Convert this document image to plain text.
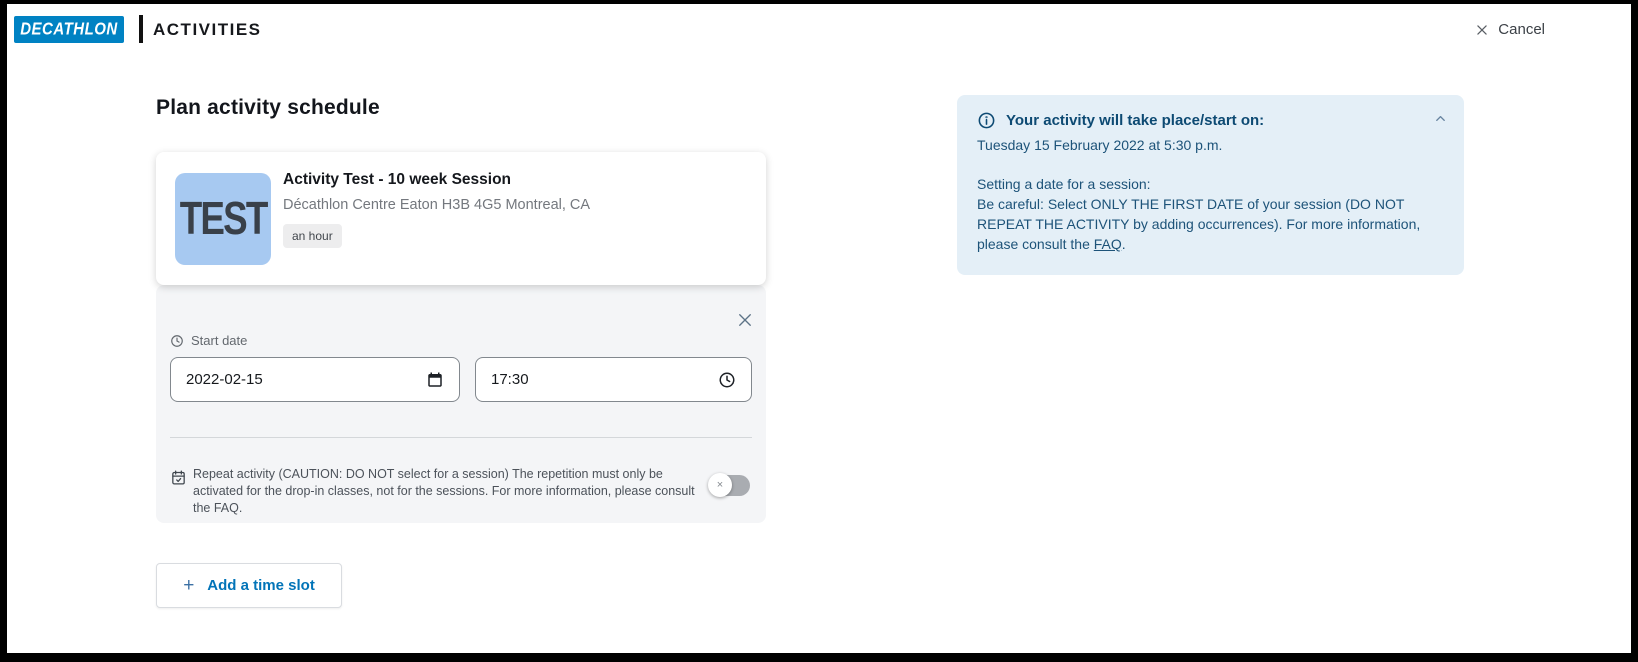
DECATHLON ACTIVITIES	Cancel
Plan activity schedule
TEST
Activity Test - 10 week Session
Décathlon Centre Eaton H3B 4G5 Montreal, CA
an hour
Start date
2022-02-15	17:30
Repeat activity (CAUTION: DO NOT select for a session) The repetition must only be activated for the drop-in classes, not for the sessions. For more information, please consult the FAQ.
×
+ Add a time slot
Your activity will take place/start on:
Tuesday 15 February 2022 at 5:30 p.m.
Setting a date for a session:
Be careful: Select ONLY THE FIRST DATE of your session (DO NOT REPEAT THE ACTIVITY by adding occurrences). For more information, please consult the FAQ.
